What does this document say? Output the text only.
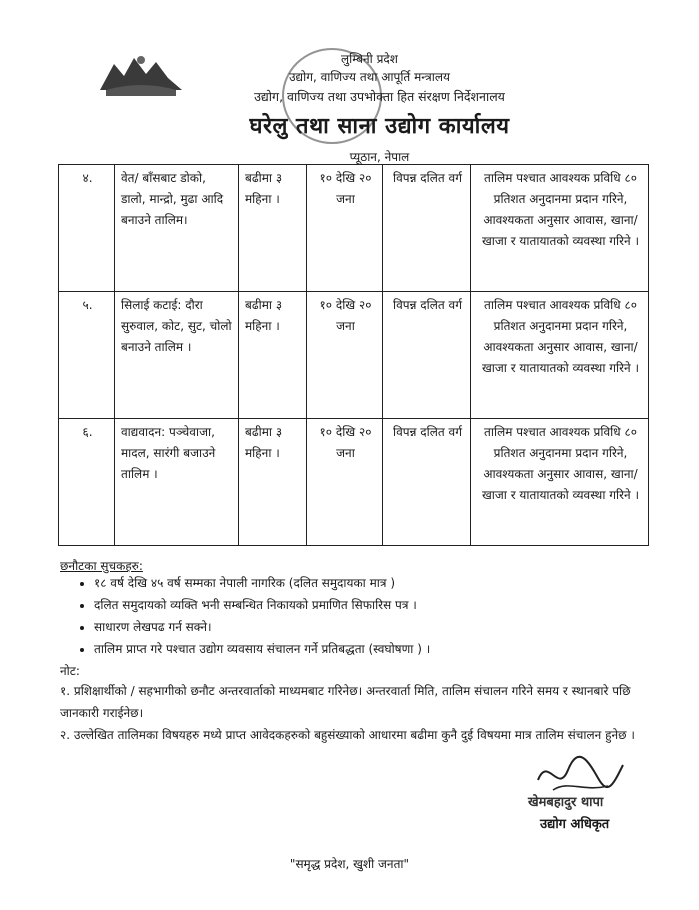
लुम्बिनी प्रदेश
उद्योग, वाणिज्य तथा आपूर्ति मन्त्रालय
उद्योग, वाणिज्य तथा उपभोक्ता हित संरक्षण निर्देशनालय
घरेलु तथा साना उद्योग कार्यालय
प्यूठान, नेपाल
४.	वेत/ बाँसबाट डोको, डालो, मान्द्रो, मुढा आदि बनाउने तालिम।	बढीमा ३ महिना ।	१० देखि २० जना	विपन्न दलित वर्ग	तालिम पश्चात आवश्यक प्रविधि ८० प्रतिशत अनुदानमा प्रदान गरिने, आवश्यकता अनुसार आवास, खाना/खाजा र यातायातको व्यवस्था गरिने ।
५.	सिलाई कटाई: दौरा सुरुवाल, कोट, सुट, चोलो बनाउने तालिम ।	बढीमा ३ महिना ।	१० देखि २० जना	विपन्न दलित वर्ग	तालिम पश्चात आवश्यक प्रविधि ८० प्रतिशत अनुदानमा प्रदान गरिने, आवश्यकता अनुसार आवास, खाना/खाजा र यातायातको व्यवस्था गरिने ।
६.	वाद्यवादन: पञ्चेवाजा, मादल, सारंगी बजाउने तालिम ।	बढीमा ३ महिना ।	१० देखि २० जना	विपन्न दलित वर्ग	तालिम पश्चात आवश्यक प्रविधि ८० प्रतिशत अनुदानमा प्रदान गरिने, आवश्यकता अनुसार आवास, खाना/खाजा र यातायातको व्यवस्था गरिने ।
छनौटका सुचकहरु:
• १८ वर्ष देखि ४५ वर्ष सम्मका नेपाली नागरिक (दलित समुदायका मात्र )
• दलित समुदायको व्यक्ति भनी सम्बन्धित निकायको प्रमाणित सिफारिस पत्र ।
• साधारण लेखपढ गर्न सक्ने।
• तालिम प्राप्त गरे पश्चात उद्योग व्यवसाय संचालन गर्ने प्रतिबद्धता (स्वघोषणा ) ।
नोट:
१. प्रशिक्षार्थीको / सहभागीको छनौट अन्तरवार्ताको माध्यमबाट गरिनेछ। अन्तरवार्ता मिति, तालिम संचालन गरिने समय र स्थानबारे पछि जानकारी गराईनेछ।
२. उल्लेखित तालिमका विषयहरु मध्ये प्राप्त आवेदकहरुको बहुसंख्याको आधारमा बढीमा कुनै दुई विषयमा मात्र तालिम संचालन हुनेछ ।
खेमबहादुर थापा
उद्योग अधिकृत
"समृद्ध प्रदेश, खुशी जनता"
